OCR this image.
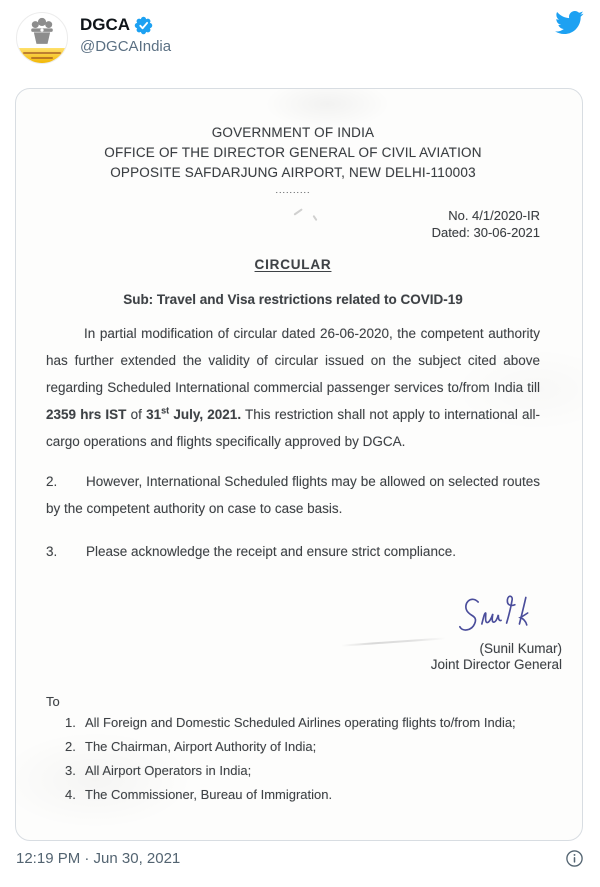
DGCA
@DGCAIndia
GOVERNMENT OF INDIA
OFFICE OF THE DIRECTOR GENERAL OF CIVIL AVIATION
OPPOSITE SAFDARJUNG AIRPORT, NEW DELHI-110003
..........
No. 4/1/2020-IR
Dated: 30-06-2021
CIRCULAR
Sub: Travel and Visa restrictions related to COVID-19
In partial modification of circular dated 26-06-2020, the competent authority has further extended the validity of circular issued on the subject cited above regarding Scheduled International commercial passenger services to/from India till 2359 hrs IST of 31st July, 2021. This restriction shall not apply to international all-cargo operations and flights specifically approved by DGCA.
2. However, International Scheduled flights may be allowed on selected routes by the competent authority on case to case basis.
3. Please acknowledge the receipt and ensure strict compliance.
(Sunil Kumar)
Joint Director General
To
1. All Foreign and Domestic Scheduled Airlines operating flights to/from India;
2. The Chairman, Airport Authority of India;
3. All Airport Operators in India;
4. The Commissioner, Bureau of Immigration.
12:19 PM · Jun 30, 2021
